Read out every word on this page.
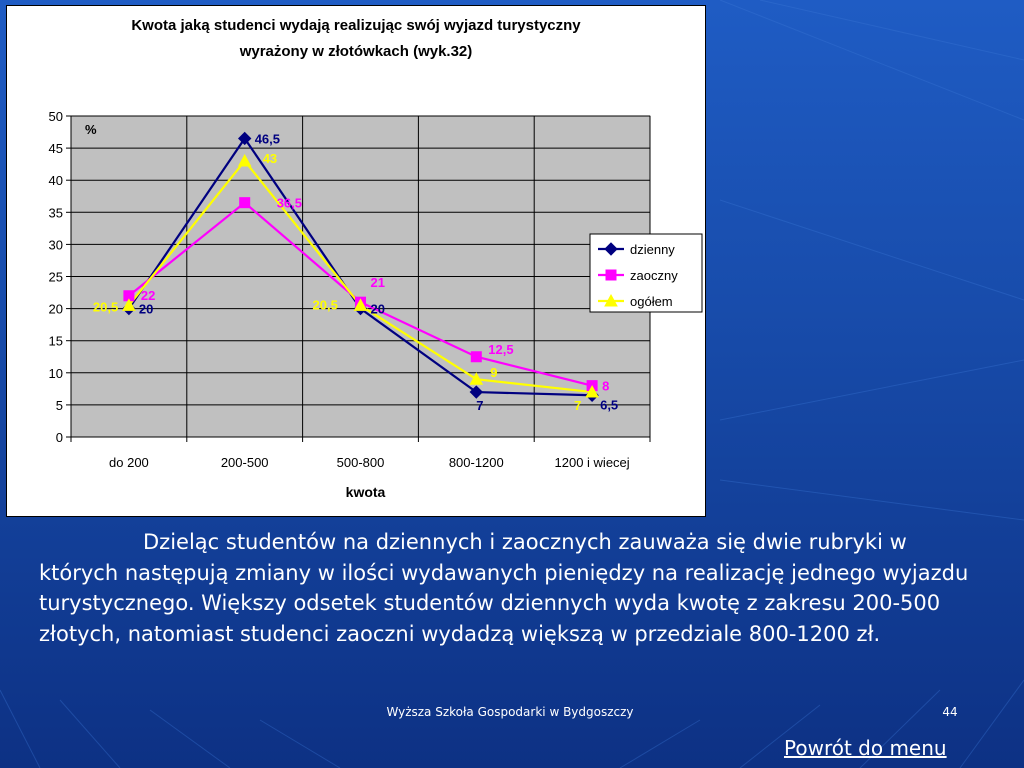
Kwota jaką studenci wydają realizując swój wyjazd turystyczny
wyrażony w złotówkach (wyk.32)
0
5
10
15
20
25
30
35
40
45
50
%
do 200	200-500	500-800	800-1200	1200 i wiecej
kwota
20
46,5
20
7	6,5
22
36,5
21
12,5
8
20,5
43
20,5
9
7
dzienny
zaoczny
ogółem

Dzieląc studentów na dziennych i zaocznych zauważa się dwie rubryki w których następują zmiany w ilości wydawanych pieniędzy na realizację jednego wyjazdu turystycznego. Większy odsetek studentów dziennych wyda kwotę z zakresu 200-500 złotych, natomiast studenci zaoczni wydadzą większą w przedziale 800-1200 zł.

Wyższa Szkoła Gospodarki w Bydgoszczy	44
Powrót do menu
